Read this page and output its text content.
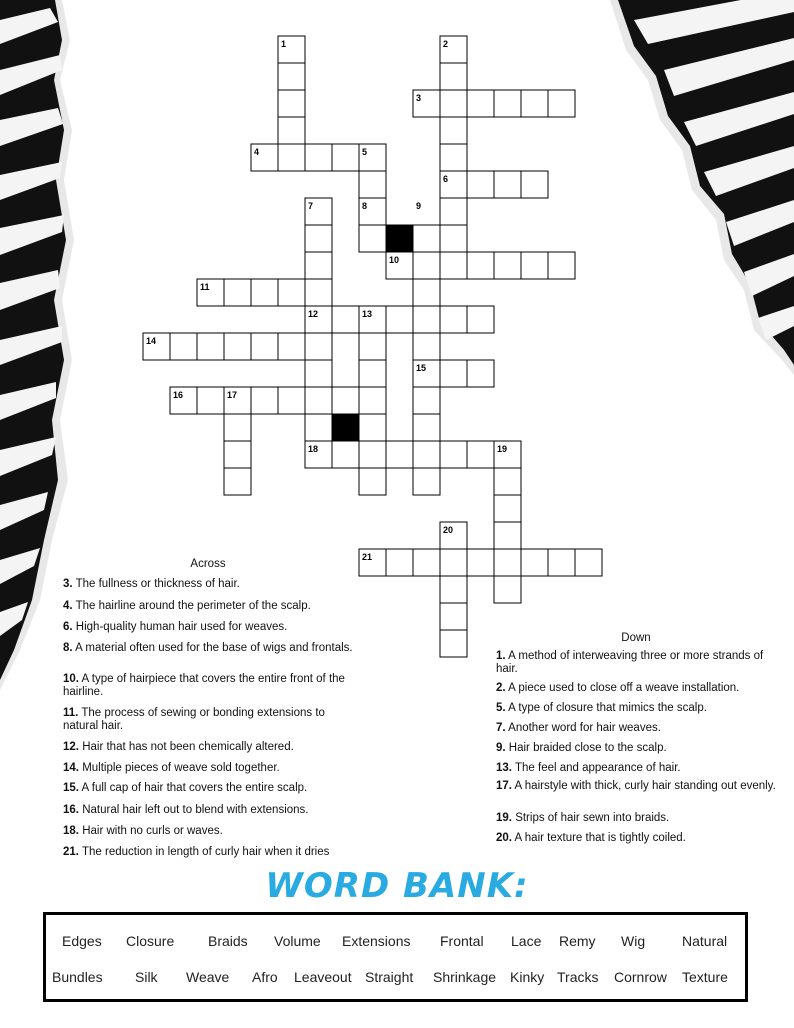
1	2
3
4	5
6
7	8	9
10
11
12	13
14
15
16	17
18	19
20
21
Across
3. The fullness or thickness of hair.
4. The hairline around the perimeter of the scalp.
6. High-quality human hair used for weaves.
8. A material often used for the base of wigs and frontals.
10. A type of hairpiece that covers the entire front of the hairline.
11. The process of sewing or bonding extensions to natural hair.
12. Hair that has not been chemically altered.
14. Multiple pieces of weave sold together.
15. A full cap of hair that covers the entire scalp.
16. Natural hair left out to blend with extensions.
18. Hair with no curls or waves.
21. The reduction in length of curly hair when it dries
Down
1. A method of interweaving three or more strands of hair.
2. A piece used to close off a weave installation.
5. A type of closure that mimics the scalp.
7. Another word for hair weaves.
9. Hair braided close to the scalp.
13. The feel and appearance of hair.
17. A hairstyle with thick, curly hair standing out evenly.
19. Strips of hair sewn into braids.
20. A hair texture that is tightly coiled.
WORD BANK:
Edges Closure Braids Volume Extensions Frontal Lace Remy Wig	Natural
Bundles Silk Weave Afro Leaveout Straight Shrinkage Kinky Tracks Cornrow Texture
